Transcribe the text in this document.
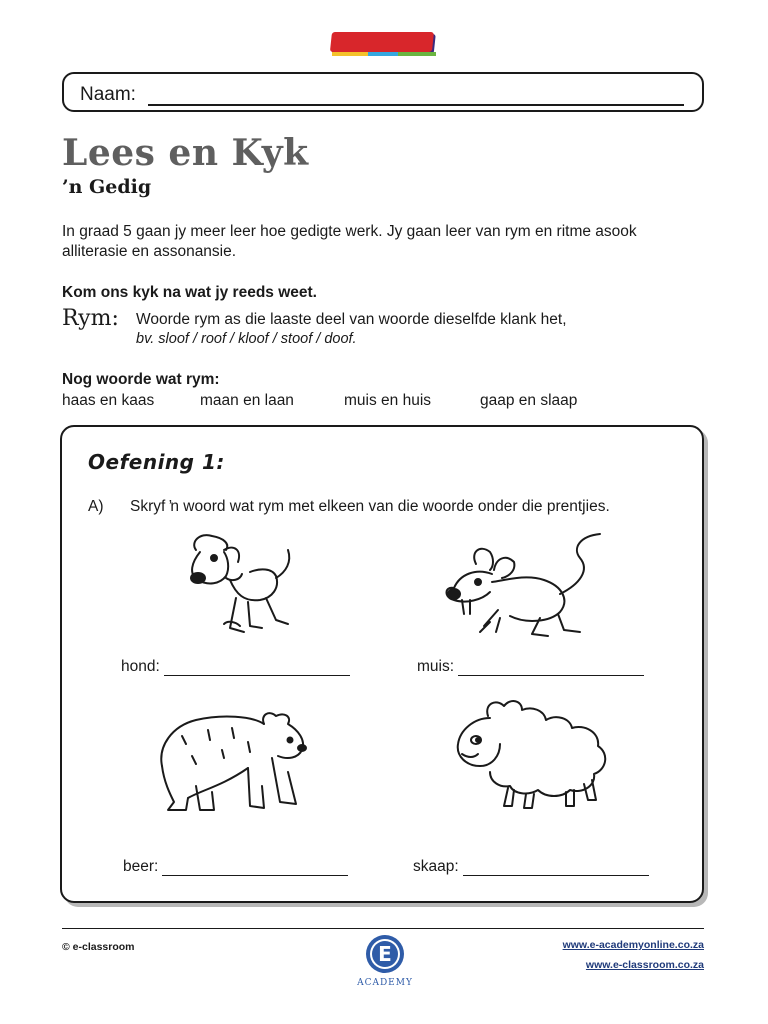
Naam:
Lees en Kyk
’n Gedig
In graad 5 gaan jy meer leer hoe gedigte werk. Jy gaan leer van rym en ritme asook alliterasie en assonansie.
Kom ons kyk na wat jy reeds weet.
Rym: Woorde rym as die laaste deel van woorde dieselfde klank het,
bv. sloof / roof / kloof / stoof / doof.
Nog woorde wat rym:
haas en kaas	maan en laan	muis en huis	gaap en slaap
Oefening 1:
A) Skryf ŉ woord wat rym met elkeen van die woorde onder die prentjies.
hond:	muis:
beer:	skaap:
© e-classroom	E
ACADEMY
www.e-academyonline.co.za
www.e-classroom.co.za
